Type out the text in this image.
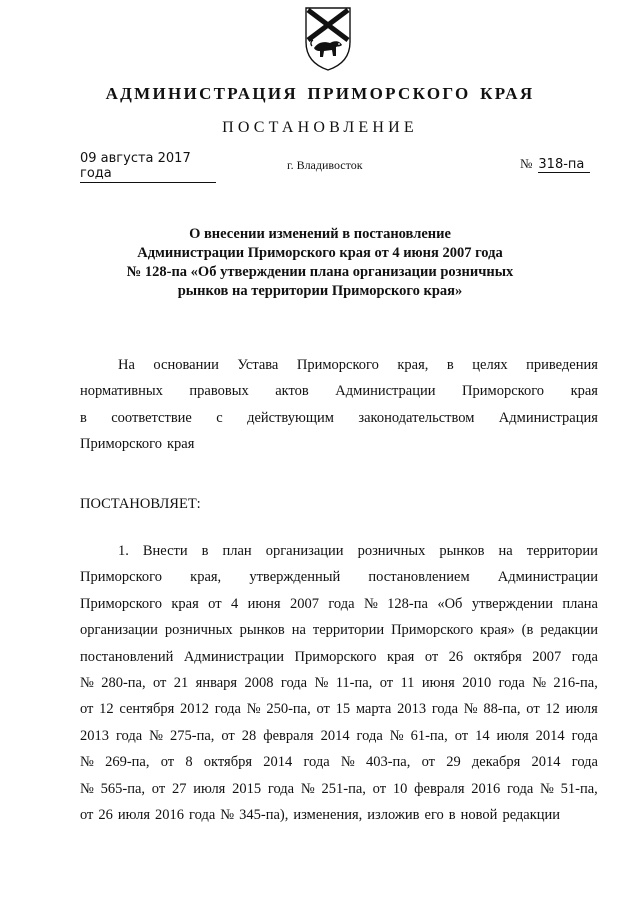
АДМИНИСТРАЦИЯ ПРИМОРСКОГО КРАЯ
ПОСТАНОВЛЕНИЕ
09 августа 2017 года
г. Владивосток	№ 318-па
О внесении изменений в постановление
Администрации Приморского края от 4 июня 2007 года
№ 128-па «Об утверждении плана организации розничных
рынков на территории Приморского края»
На основании Устава Приморского края, в целях приведения
нормативных правовых актов Администрации Приморского края
в соответствие с действующим законодательством Администрация
Приморского края
ПОСТАНОВЛЯЕТ:
1. Внести в план организации розничных рынков на территории
Приморского края, утвержденный постановлением Администрации
Приморского края от 4 июня 2007 года № 128-па «Об утверждении плана
организации розничных рынков на территории Приморского края» (в редакции
постановлений Администрации Приморского края от 26 октября 2007 года
№ 280-па, от 21 января 2008 года № 11-па, от 11 июня 2010 года № 216-па,
от 12 сентября 2012 года № 250-па, от 15 марта 2013 года № 88-па, от 12 июля
2013 года № 275-па, от 28 февраля 2014 года № 61-па, от 14 июля 2014 года
№ 269-па, от 8 октября 2014 года № 403-па, от 29 декабря 2014 года
№ 565-па, от 27 июля 2015 года № 251-па, от 10 февраля 2016 года № 51-па,
от 26 июля 2016 года № 345-па), изменения, изложив его в новой редакции
